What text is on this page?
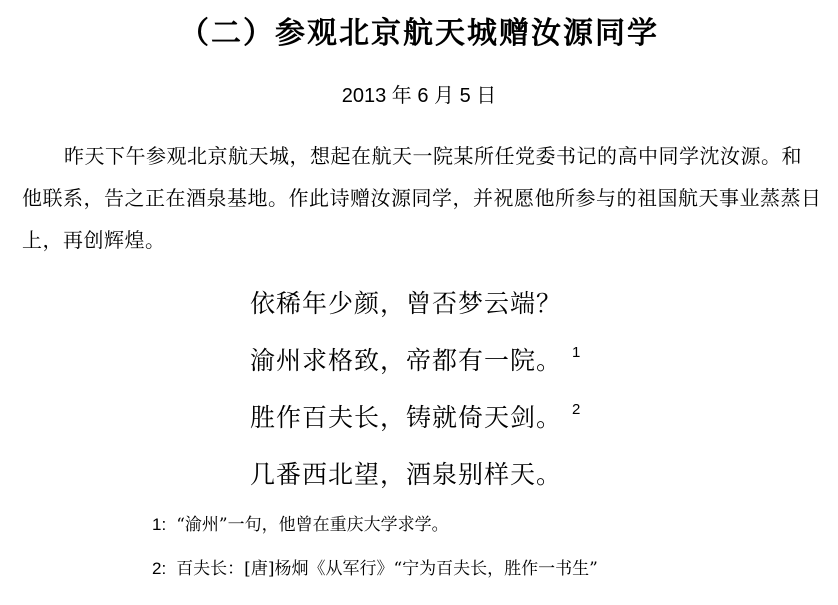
（二）参观北京航天城赠汝源同学
2013 年 6 月 5 日
昨天下午参观北京航天城，想起在航天一院某所任党委书记的高中同学沈汝源。和他联系，告之正在酒泉基地。作此诗赠汝源同学，并祝愿他所参与的祖国航天事业蒸蒸日上，再创辉煌。
依稀年少颜，曾否梦云端？
渝州求格致，帝都有一院。 $^1$
胜作百夫长，铸就倚天剑。 $^2$
几番西北望，酒泉别样天。
1: “渝州”一句，他曾在重庆大学求学。
2: 百夫长：[唐]杨炯《从军行》“宁为百夫长，胜作一书生”
